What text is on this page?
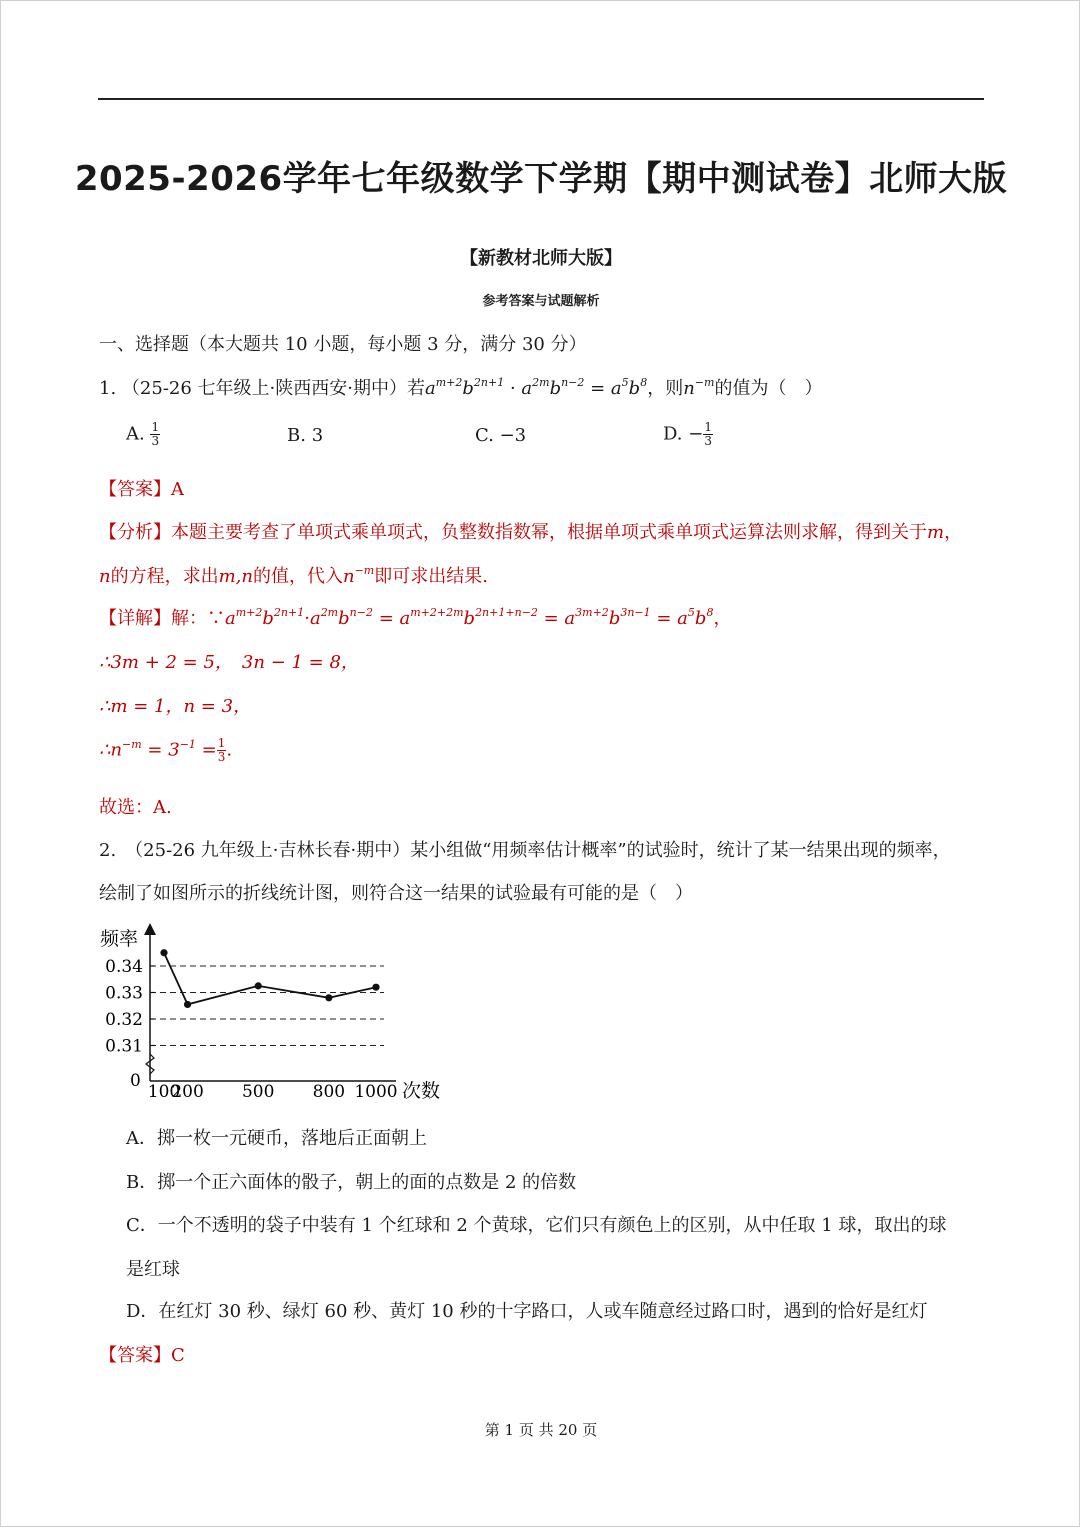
2025-2026学年七年级数学下学期【期中测试卷】北师大版
【新教材北师大版】
参考答案与试题解析
一、选择题（本大题共 10 小题，每小题 3 分，满分 30 分）
1. （25-26 七年级上·陕西西安·期中）若$a^{m+2}b^{2n+1} \cdot a^{2m}b^{n-2} = a^5b^8$，则$n^{-m}$的值为（　）
A. $\frac{1}{3}$	B. 3	C. −3	D. − $\frac{1}{3}$
【答案】A
【分析】本题主要考查了单项式乘单项式，负整数指数幂，根据单项式乘单项式运算法则求解，得到关于m，
n的方程，求出m,n的值，代入$n^{-m}$即可求出结果.
【详解】解：$\because a^{m+2}b^{2n+1}\cdot a^{2m}b^{n-2} = a^{m+2+2m}b^{2n+1+n-2} = a^{3m+2}b^{3n-1} = a^5b^8$，
∴3m + 2 = 5，　3n − 1 = 8，
∴m = 1，n = 3，
$\therefore n^{-m} = 3^{-1} = \frac{1}{3}$ .
故选：A.
2.　（25-26 九年级上·吉林长春·期中）某小组做“用频率估计概率”的试验时，统计了某一结果出现的频率，
绘制了如图所示的折线统计图，则符合这一结果的试验最有可能的是（　）
0.34
0.33
0.32
0.31
100
200 500 800 1000
频率
次数
0
A．掷一枚一元硬币，落地后正面朝上
B．掷一个正六面体的骰子，朝上的面的点数是 2 的倍数
C．一个不透明的袋子中装有 1 个红球和 2 个黄球，它们只有颜色上的区别，从中任取 1 球，取出的球
是红球
D．在红灯 30 秒、绿灯 60 秒、黄灯 10 秒的十字路口，人或车随意经过路口时，遇到的恰好是红灯
【答案】C
第 1 页 共 20 页
